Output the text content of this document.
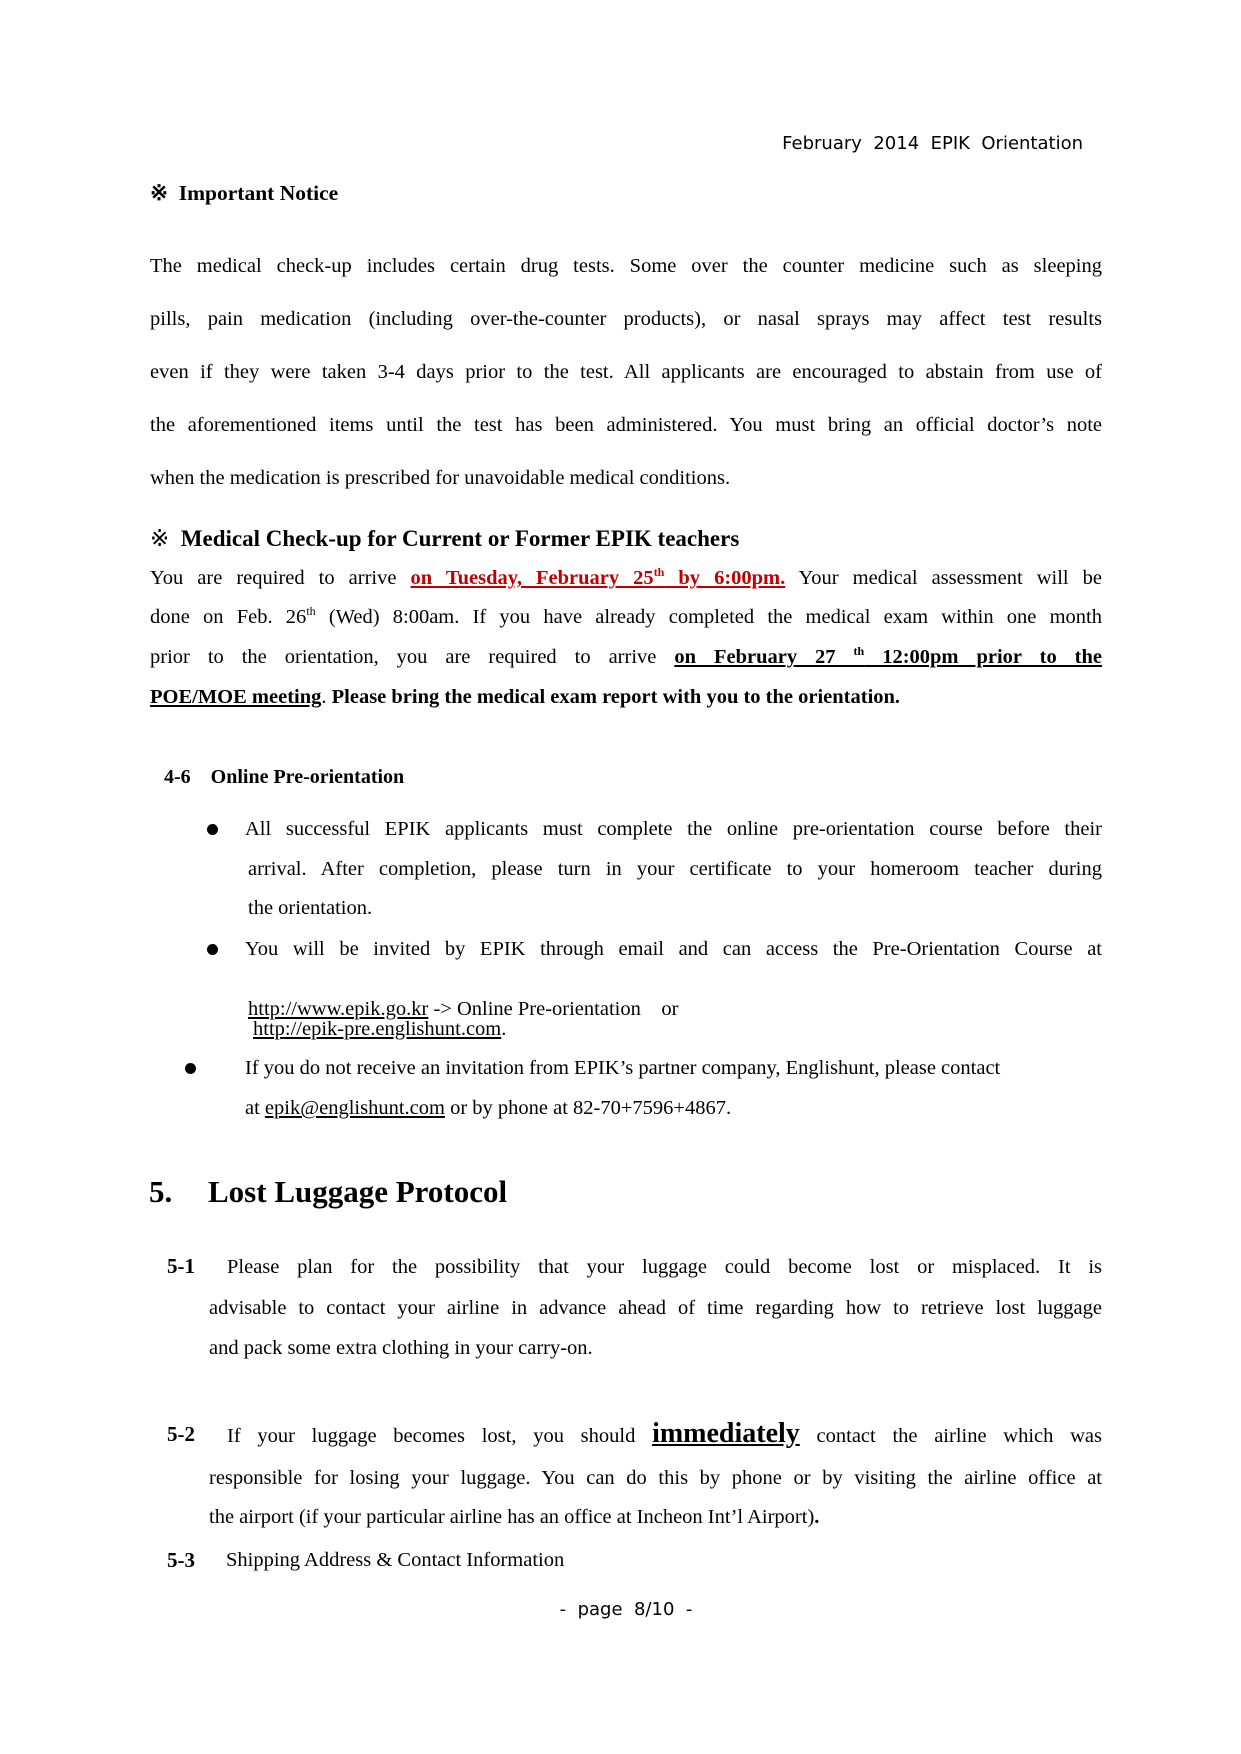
February  2014  EPIK  Orientation
※ Important Notice
The medical check-up includes certain drug tests. Some over the counter medicine such as sleeping
pills, pain medication (including over-the-counter products), or nasal sprays may affect test results
even if they were taken 3-4 days prior to the test. All applicants are encouraged to abstain from use of
the aforementioned items until the test has been administered. You must bring an official doctor’s note
when the medication is prescribed for unavoidable medical conditions.
※ Medical Check-up for Current or Former EPIK teachers
You are required to arrive on Tuesday, February 25th by 6:00pm. Your medical assessment will be
done on Feb. 26th (Wed) 8:00am. If you have already completed the medical exam within one month
prior to the orientation, you are required to arrive on February 27 $^{th}$ 12:00pm prior to the
POE/MOE meeting. Please bring the medical exam report with you to the orientation.
4-6 Online Pre-orientation
All successful EPIK applicants must complete the online pre-orientation course before their
arrival. After completion, please turn in your certificate to your homeroom teacher during
the orientation.
You will be invited by EPIK through email and can access the Pre-Orientation Course at

http://www.epik.go.kr -> Online Pre-orientation    or
http://epik-pre.englishunt.com.
If you do not receive an invitation from EPIK’s partner company, Englishunt, please contact
at epik@englishunt.com or by phone at 82-70+7596+4867.
5. Lost Luggage Protocol
5-1 Please plan for the possibility that your luggage could become lost or misplaced. It is
advisable to contact your airline in advance ahead of time regarding how to retrieve lost luggage
and pack some extra clothing in your carry-on.
5-2 If your luggage becomes lost, you should immediately contact the airline which was
responsible for losing your luggage. You can do this by phone or by visiting the airline office at
the airport (if your particular airline has an office at Incheon Int’l Airport).
5-3 Shipping Address & Contact Information
-  page  8/10  -
